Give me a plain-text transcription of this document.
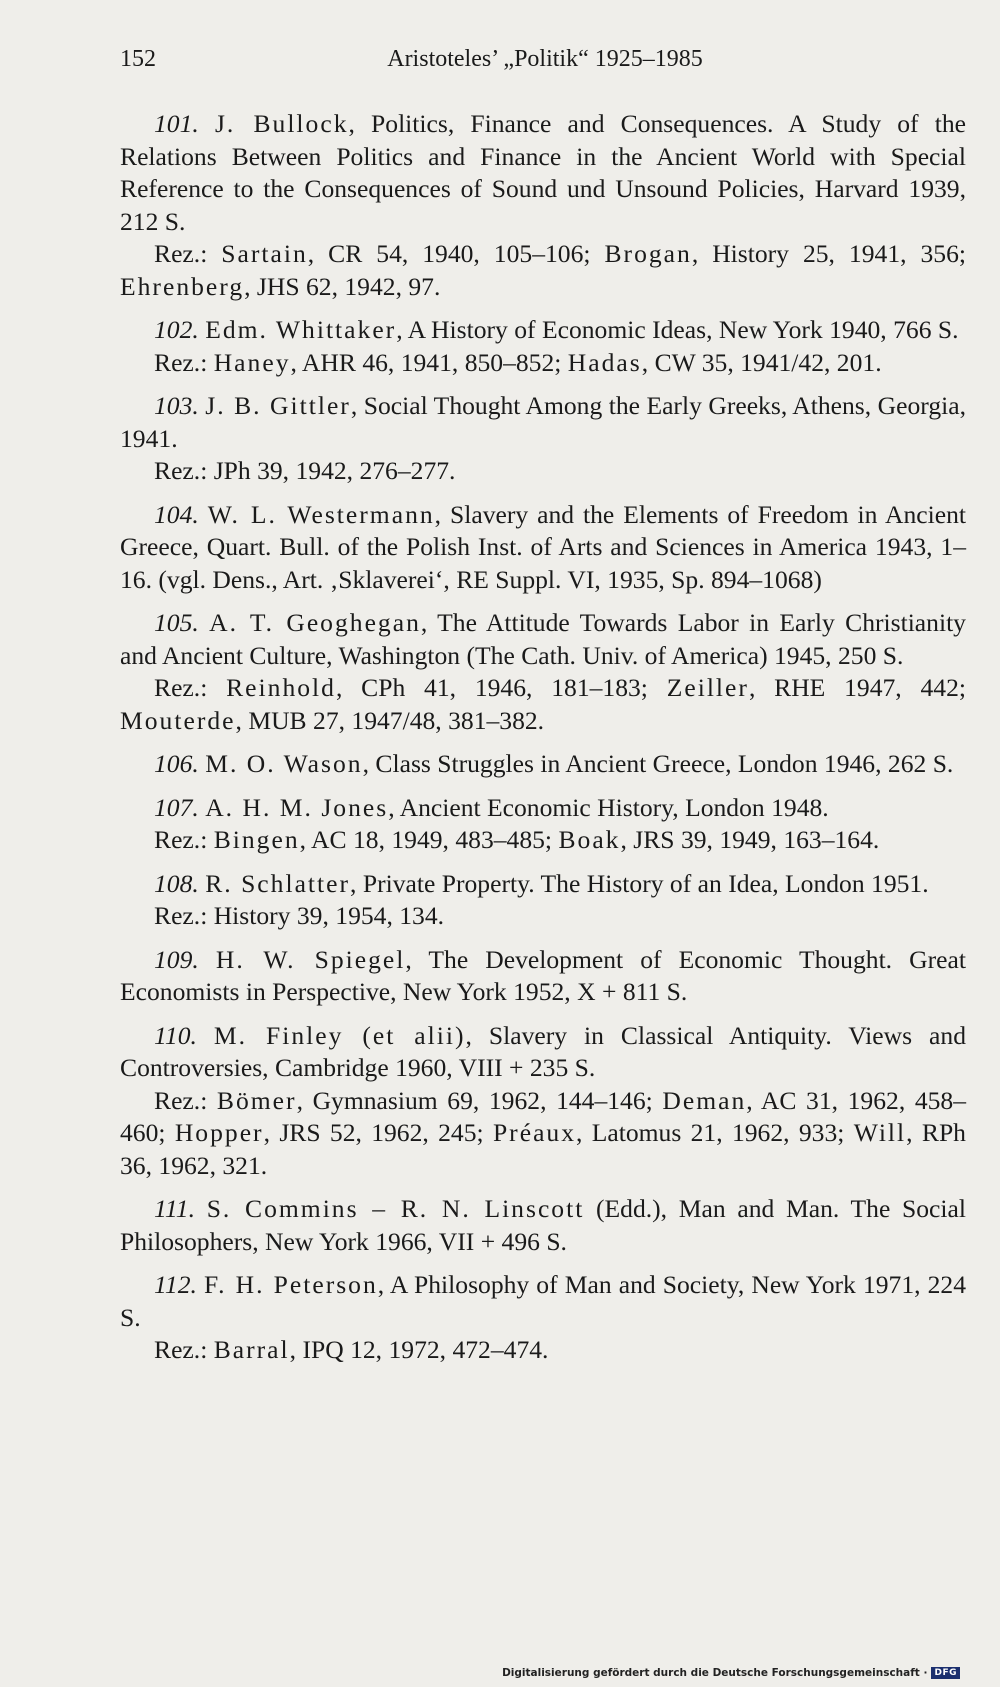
152	Aristoteles’ „Politik“ 1925–1985

101. J. Bullock, Politics, Finance and Consequences. A Study of the Relations Between Politics and Finance in the Ancient World with Special Reference to the Consequences of Sound und Unsound Policies, Harvard 1939, 212 S.

Rez.: Sartain, CR 54, 1940, 105–106; Brogan, History 25, 1941, 356; Ehrenberg, JHS 62, 1942, 97.

102. Edm. Whittaker, A History of Economic Ideas, New York 1940, 766 S.

Rez.: Haney, AHR 46, 1941, 850–852; Hadas, CW 35, 1941/42, 201.

103. J. B. Gittler, Social Thought Among the Early Greeks, Athens, Georgia, 1941.

Rez.: JPh 39, 1942, 276–277.

104. W. L. Westermann, Slavery and the Elements of Freedom in Ancient Greece, Quart. Bull. of the Polish Inst. of Arts and Sciences in America 1943, 1–16. (vgl. Dens., Art. ‚Sklaverei‘, RE Suppl. VI, 1935, Sp. 894–1068)

105. A. T. Geoghegan, The Attitude Towards Labor in Early Christianity and Ancient Culture, Washington (The Cath. Univ. of America) 1945, 250 S.

Rez.: Reinhold, CPh 41, 1946, 181–183; Zeiller, RHE 1947, 442; Mouterde, MUB 27, 1947/48, 381–382.

106. M. O. Wason, Class Struggles in Ancient Greece, London 1946, 262 S.

107. A. H. M. Jones, Ancient Economic History, London 1948.

Rez.: Bingen, AC 18, 1949, 483–485; Boak, JRS 39, 1949, 163–164.

108. R. Schlatter, Private Property. The History of an Idea, London 1951.

Rez.: History 39, 1954, 134.

109. H. W. Spiegel, The Development of Economic Thought. Great Economists in Perspective, New York 1952, X + 811 S.

110. M. Finley (et alii), Slavery in Classical Antiquity. Views and Controversies, Cambridge 1960, VIII + 235 S.

Rez.: Bömer, Gymnasium 69, 1962, 144–146; Deman, AC 31, 1962, 458–460; Hopper, JRS 52, 1962, 245; Préaux, Latomus 21, 1962, 933; Will, RPh 36, 1962, 321.

111. S. Commins – R. N. Linscott (Edd.), Man and Man. The Social Philosophers, New York 1966, VII + 496 S.

112. F. H. Peterson, A Philosophy of Man and Society, New York 1971, 224 S.

Rez.: Barral, IPQ 12, 1972, 472–474.

Digitalisierung gefördert durch die Deutsche Forschungsgemeinschaft · DFG
